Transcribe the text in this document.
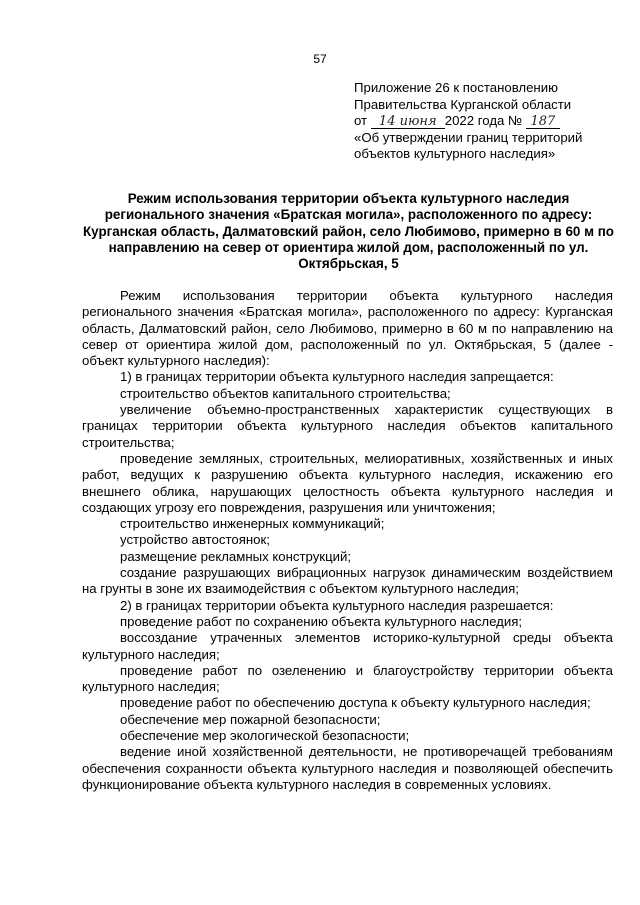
57
Приложение 26 к постановлению
Правительства Курганской области
от 14 июня 2022 года № 187
«Об утверждении границ территорий
объектов культурного наследия»
Режим использования территории объекта культурного наследия регионального значения «Братская могила», расположенного по адресу: Курганская область, Далматовский район, село Любимово, примерно в 60 м по направлению на север от ориентира жилой дом, расположенный по ул. Октябрьская, 5

Режим использования территории объекта культурного наследия регионального значения «Братская могила», расположенного по адресу: Курганская область, Далматовский район, село Любимово, примерно в 60 м по направлению на север от ориентира жилой дом, расположенный по ул. Октябрьская, 5 (далее - объект культурного наследия):

1) в границах территории объекта культурного наследия запрещается:

строительство объектов капитального строительства;

увеличение объемно-пространственных характеристик существующих в границах территории объекта культурного наследия объектов капитального строительства;

проведение земляных, строительных, мелиоративных, хозяйственных и иных работ, ведущих к разрушению объекта культурного наследия, искажению его внешнего облика, нарушающих целостность объекта культурного наследия и создающих угрозу его повреждения, разрушения или уничтожения;

строительство инженерных коммуникаций;

устройство автостоянок;

размещение рекламных конструкций;

создание разрушающих вибрационных нагрузок динамическим воздействием на грунты в зоне их взаимодействия с объектом культурного наследия;

2) в границах территории объекта культурного наследия разрешается:

проведение работ по сохранению объекта культурного наследия;

воссоздание утраченных элементов историко-культурной среды объекта культурного наследия;

проведение работ по озеленению и благоустройству территории объекта культурного наследия;

проведение работ по обеспечению доступа к объекту культурного наследия;

обеспечение мер пожарной безопасности;

обеспечение мер экологической безопасности;

ведение иной хозяйственной деятельности, не противоречащей требованиям обеспечения сохранности объекта культурного наследия и позволяющей обеспечить функционирование объекта культурного наследия в современных условиях.
